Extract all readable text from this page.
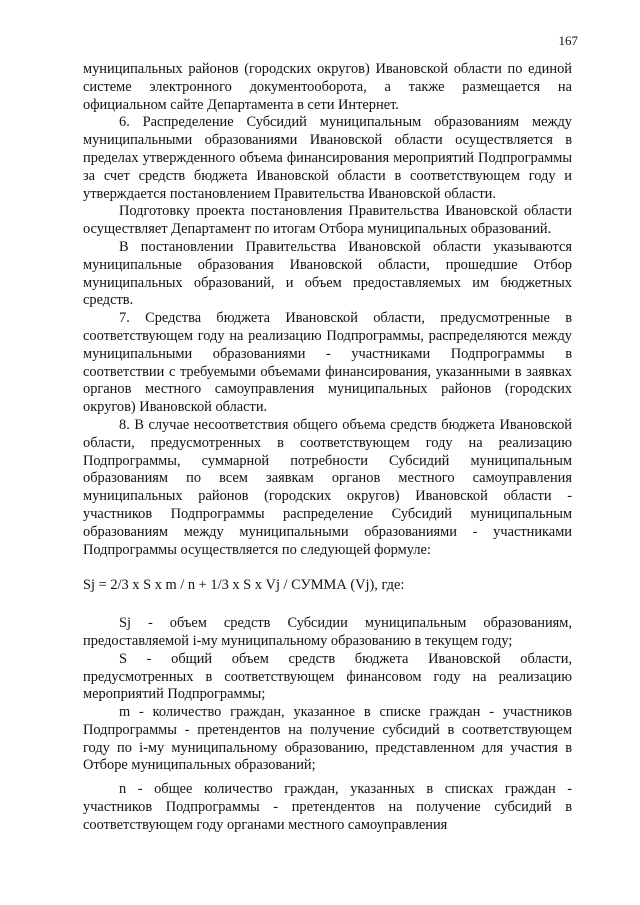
167

муниципальных районов (городских округов) Ивановской области по единой системе электронного документооборота, а также размещается на официальном сайте Департамента в сети Интернет.

6. Распределение Субсидий муниципальным образованиям между муниципальными образованиями Ивановской области осуществляется в пределах утвержденного объема финансирования мероприятий Подпрограммы за счет средств бюджета Ивановской области в соответствующем году и утверждается постановлением Правительства Ивановской области.

Подготовку проекта постановления Правительства Ивановской области осуществляет Департамент по итогам Отбора муниципальных образований.

В постановлении Правительства Ивановской области указываются муниципальные образования Ивановской области, прошедшие Отбор муниципальных образований, и объем предоставляемых им бюджетных средств.

7. Средства бюджета Ивановской области, предусмотренные в соответствующем году на реализацию Подпрограммы, распределяются между муниципальными образованиями - участниками Подпрограммы в соответствии с требуемыми объемами финансирования, указанными в заявках органов местного самоуправления муниципальных районов (городских округов) Ивановской области.

8. В случае несоответствия общего объема средств бюджета Ивановской области, предусмотренных в соответствующем году на реализацию Подпрограммы, суммарной потребности Субсидий муниципальным образованиям по всем заявкам органов местного самоуправления муниципальных районов (городских округов) Ивановской области - участников Подпрограммы распределение Субсидий муниципальным образованиям между муниципальными образованиями - участниками Подпрограммы осуществляется по следующей формуле:

Sj = 2/3 х S х m / n + 1/3 х S х Vj / СУММА (Vj), где:

Sj - объем средств Субсидии муниципальным образованиям, предоставляемой i-му муниципальному образованию в текущем году;

S - общий объем средств бюджета Ивановской области, предусмотренных в соответствующем финансовом году на реализацию мероприятий Подпрограммы;

m - количество граждан, указанное в списке граждан - участников Подпрограммы - претендентов на получение субсидий в соответствующем году по i-му муниципальному образованию, представленном для участия в Отборе муниципальных образований;

n - общее количество граждан, указанных в списках граждан - участников Подпрограммы - претендентов на получение субсидий в соответствующем году органами местного самоуправления
